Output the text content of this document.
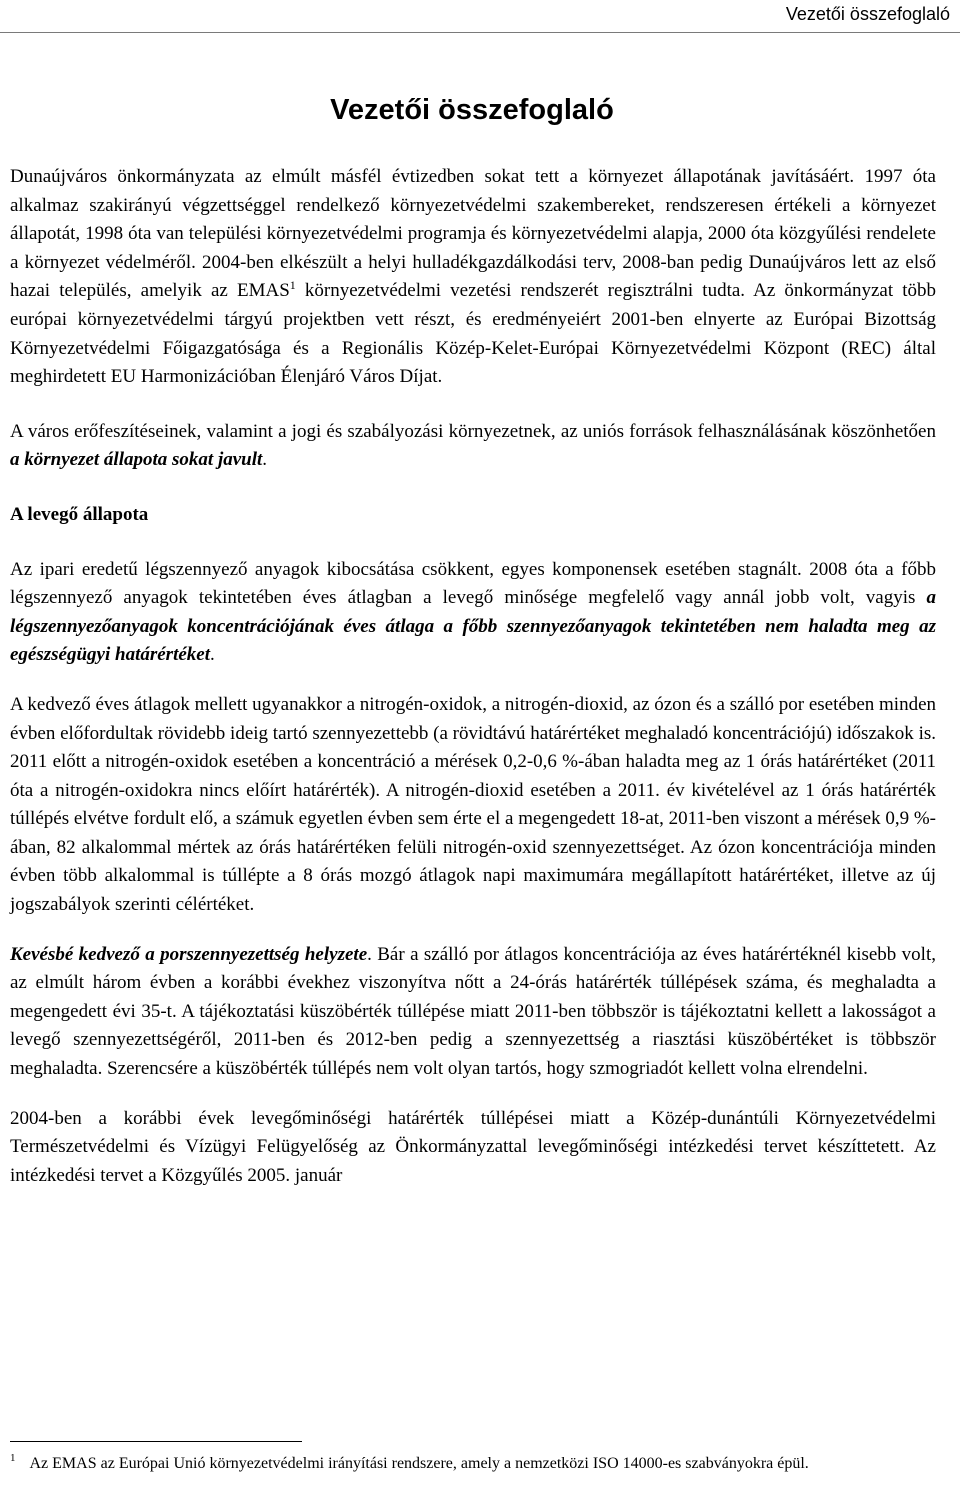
Vezetői összefoglaló
Vezetői összefoglaló

Dunaújváros önkormányzata az elmúlt másfél évtizedben sokat tett a környezet állapotának javításáért. 1997 óta alkalmaz szakirányú végzettséggel rendelkező környezetvédelmi szakembereket, rendszeresen értékeli a környezet állapotát, 1998 óta van települési környezetvédelmi programja és környezetvédelmi alapja, 2000 óta közgyűlési rendelete a környezet védelméről. 2004-ben elkészült a helyi hulladékgazdálkodási terv, 2008-ban pedig Dunaújváros lett az első hazai település, amelyik az EMAS$^1$ környezetvédelmi vezetési rendszerét regisztrálni tudta. Az önkormányzat több európai környezetvédelmi tárgyú projektben vett részt, és eredményeiért 2001-ben elnyerte az Európai Bizottság Környezetvédelmi Főigazgatósága és a Regionális Közép-Kelet-Európai Környezetvédelmi Központ (REC) által meghirdetett EU Harmonizációban Élenjáró Város Díjat.

A város erőfeszítéseinek, valamint a jogi és szabályozási környezetnek, az uniós források felhasználásának köszönhetően a környezet állapota sokat javult.

A levegő állapota

Az ipari eredetű légszennyező anyagok kibocsátása csökkent, egyes komponensek esetében stagnált. 2008 óta a főbb légszennyező anyagok tekintetében éves átlagban a levegő minősége megfelelő vagy annál jobb volt, vagyis a légszennyezőanyagok koncentrációjának éves átlaga a főbb szennyezőanyagok tekintetében nem haladta meg az egészségügyi határértéket.

A kedvező éves átlagok mellett ugyanakkor a nitrogén-oxidok, a nitrogén-dioxid, az ózon és a szálló por esetében minden évben előfordultak rövidebb ideig tartó szennyezettebb (a rövidtávú határértéket meghaladó koncentrációjú) időszakok is. 2011 előtt a nitrogén-oxidok esetében a koncentráció a mérések 0,2-0,6 %-ában haladta meg az 1 órás határértéket (2011 óta a nitrogén-oxidokra nincs előírt határérték). A nitrogén-dioxid esetében a 2011. év kivételével az 1 órás határérték túllépés elvétve fordult elő, a számuk egyetlen évben sem érte el a megengedett 18-at, 2011-ben viszont a mérések 0,9 %-ában, 82 alkalommal mértek az órás határértéken felüli nitrogén-oxid szennyezettséget. Az ózon koncentrációja minden évben több alkalommal is túllépte a 8 órás mozgó átlagok napi maximumára megállapított határértéket, illetve az új jogszabályok szerinti célértéket.

Kevésbé kedvező a porszennyezettség helyzete. Bár a szálló por átlagos koncentrációja az éves határértéknél kisebb volt, az elmúlt három évben a korábbi évekhez viszonyítva nőtt a 24-órás határérték túllépések száma, és meghaladta a megengedett évi 35-t. A tájékoztatási küszöbérték túllépése miatt 2011-ben többször is tájékoztatni kellett a lakosságot a levegő szennyezettségéről, 2011-ben és 2012-ben pedig a szennyezettség a riasztási küszöbértéket is többször meghaladta. Szerencsére a küszöbérték túllépés nem volt olyan tartós, hogy szmogriadót kellett volna elrendelni.

2004-ben a korábbi évek levegőminőségi határérték túllépései miatt a Közép-dunántúli Környezetvédelmi Természetvédelmi és Vízügyi Felügyelőség az Önkormányzattal levegőminőségi intézkedési tervet készíttetett. Az intézkedési tervet a Közgyűlés 2005. január

$^1$ Az EMAS az Európai Unió környezetvédelmi irányítási rendszere, amely a nemzetközi ISO 14000-es szabványokra épül.
